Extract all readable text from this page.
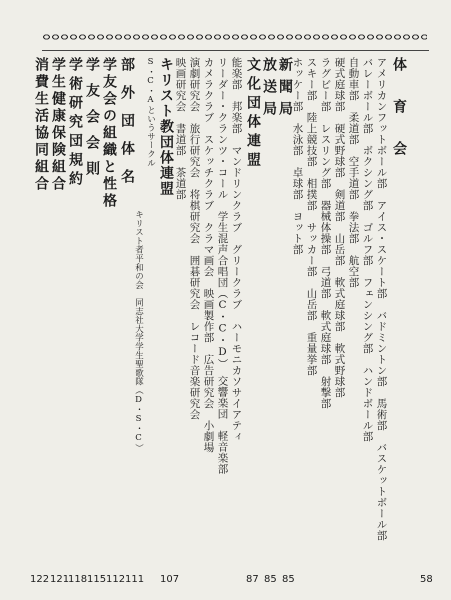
体育会
アメリカンフットボール部　アイス・スケート部　バドミントン部　馬術部　バスケットボール部
バレーボール部　ボクシング部　ゴルフ部　フェンシング部　ハンドボール部
自動車部　柔道部　空手道部　拳法部　航空部
硬式庭球部　硬式野球部　剣道部　山岳部　軟式庭球部　軟式野球部
ラグビー部　レスリング部　器械体操部　弓道部　軟式庭球部　射撃部
スキー部　陸上競技部　相撲部　サッカー部　山岳部　重量挙部
ホッケー部　水泳部　卓球部　ヨット部
新聞局
放送局
文化団体連盟
能楽部　邦楽部　マンドリンクラブ　グリークラブ　ハーモニカソサイアティ
リーダー・クランツ・コール　学生混声合唱団（C・C・D）　交響楽団　軽音楽部
カメラクラブ　スケッチクラブ　クラマ画会　映画製作部　広告研究会　小劇場
演劇研究会　旅行研究会　将棋研究会　囲碁研究会　レコード音楽研究会
映画研究会　書道部　茶道部
キリスト教団体連盟
S・C・Aというサークル
キリスト者平和の会　同志社大学学生聖歌隊（D・S・C）
部外団体名
学友会の組織と性格
学友会会則
学術研究団規約
学生健康保険組合
消費生活協同組合
122 121
118 115 112 111 107	87 85 85	58
